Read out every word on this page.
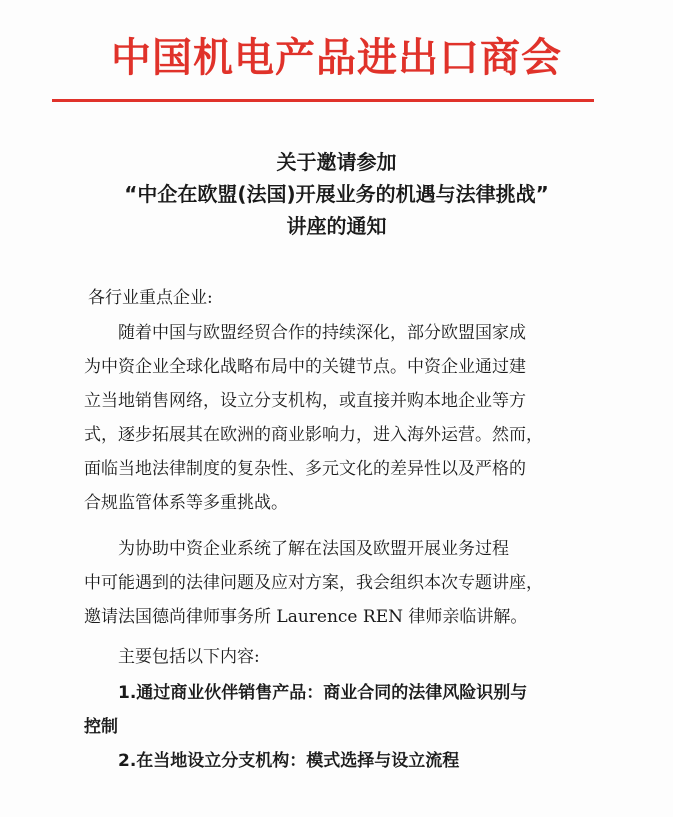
中国机电产品进出口商会
关于邀请参加
“中企在欧盟(法国)开展业务的机遇与法律挑战”
讲座的通知
各行业重点企业:
随着中国与欧盟经贸合作的持续深化，部分欧盟国家成
为中资企业全球化战略布局中的关键节点。中资企业通过建
立当地销售网络，设立分支机构，或直接并购本地企业等方
式，逐步拓展其在欧洲的商业影响力，进入海外运营。然而，
面临当地法律制度的复杂性、多元文化的差异性以及严格的
合规监管体系等多重挑战。
为协助中资企业系统了解在法国及欧盟开展业务过程
中可能遇到的法律问题及应对方案，我会组织本次专题讲座，
邀请法国德尚律师事务所 Laurence REN 律师亲临讲解。
主要包括以下内容:
1.通过商业伙伴销售产品：商业合同的法律风险识别与
控制
2.在当地设立分支机构：模式选择与设立流程
